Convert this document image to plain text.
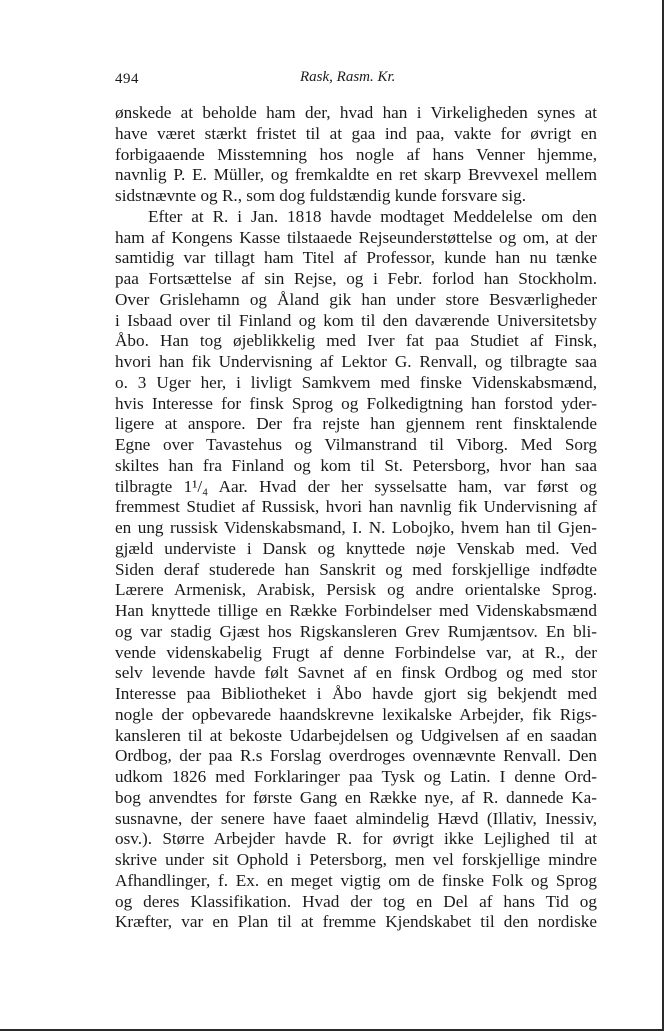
494	Rask, Rasm. Kr.
ønskede at beholde ham der, hvad han i Virkeligheden synes at
have været stærkt fristet til at gaa ind paa, vakte for øvrigt en
forbigaaende Misstemning hos nogle af hans Venner hjemme,
navnlig P. E. Müller, og fremkaldte en ret skarp Brevvexel mellem
sidstnævnte og R., som dog fuldstændig kunde forsvare sig.
Efter at R. i Jan. 1818 havde modtaget Meddelelse om den
ham af Kongens Kasse tilstaaede Rejseunderstøttelse og om, at der
samtidig var tillagt ham Titel af Professor, kunde han nu tænke
paa Fortsættelse af sin Rejse, og i Febr. forlod han Stockholm.
Over Grislehamn og Åland gik han under store Besværligheder
i Isbaad over til Finland og kom til den daværende Universitetsby
Åbo. Han tog øjeblikkelig med Iver fat paa Studiet af Finsk,
hvori han fik Undervisning af Lektor G. Renvall, og tilbragte saa
o. 3 Uger her, i livligt Samkvem med finske Videnskabsmænd,
hvis Interesse for finsk Sprog og Folkedigtning han forstod yder-
ligere at anspore. Der fra rejste han gjennem rent finsktalende
Egne over Tavastehus og Vilmanstrand til Viborg. Med Sorg
skiltes han fra Finland og kom til St. Petersborg, hvor han saa
tilbragte 1¹/₄ Aar. Hvad der her sysselsatte ham, var først og
fremmest Studiet af Russisk, hvori han navnlig fik Undervisning af
en ung russisk Videnskabsmand, I. N. Lobojko, hvem han til Gjen-
gjæld underviste i Dansk og knyttede nøje Venskab med. Ved
Siden deraf studerede han Sanskrit og med forskjellige indfødte
Lærere Armenisk, Arabisk, Persisk og andre orientalske Sprog.
Han knyttede tillige en Række Forbindelser med Videnskabsmænd
og var stadig Gjæst hos Rigskansleren Grev Rumjæntsov. En bli-
vende videnskabelig Frugt af denne Forbindelse var, at R., der
selv levende havde følt Savnet af en finsk Ordbog og med stor
Interesse paa Bibliotheket i Åbo havde gjort sig bekjendt med
nogle der opbevarede haandskrevne lexikalske Arbejder, fik Rigs-
kansleren til at bekoste Udarbejdelsen og Udgivelsen af en saadan
Ordbog, der paa R.s Forslag overdroges ovennævnte Renvall. Den
udkom 1826 med Forklaringer paa Tysk og Latin. I denne Ord-
bog anvendtes for første Gang en Række nye, af R. dannede Ka-
susnavne, der senere have faaet almindelig Hævd (Illativ, Inessiv,
osv.). Større Arbejder havde R. for øvrigt ikke Lejlighed til at
skrive under sit Ophold i Petersborg, men vel forskjellige mindre
Afhandlinger, f. Ex. en meget vigtig om de finske Folk og Sprog
og deres Klassifikation. Hvad der tog en Del af hans Tid og
Kræfter, var en Plan til at fremme Kjendskabet til den nordiske
